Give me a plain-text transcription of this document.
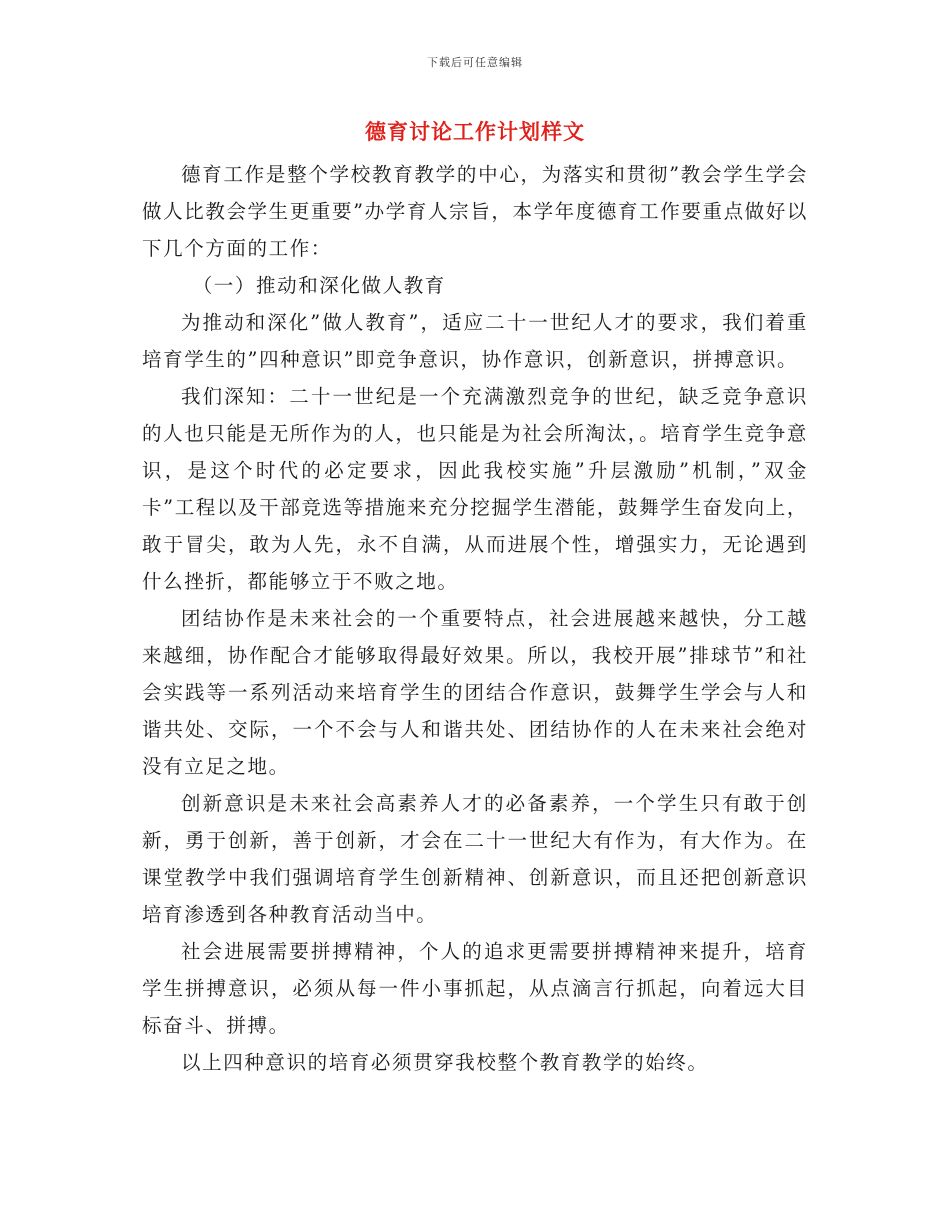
下载后可任意编辑
德育讨论工作计划样文

德育工作是整个学校教育教学的中心，为落实和贯彻”教会学生学会做人比教会学生更重要”办学育人宗旨，本学年度德育工作要重点做好以下几个方面的工作：

（一）推动和深化做人教育

为推动和深化”做人教育”，适应二十一世纪人才的要求，我们着重培育学生的”四种意识”即竞争意识，协作意识，创新意识，拼搏意识。

我们深知：二十一世纪是一个充满激烈竞争的世纪，缺乏竞争意识的人也只能是无所作为的人，也只能是为社会所淘汰，。培育学生竞争意识，是这个时代的必定要求，因此我校实施”升层激励”机制，”双金卡”工程以及干部竞选等措施来充分挖掘学生潜能，鼓舞学生奋发向上，敢于冒尖，敢为人先，永不自满，从而进展个性，增强实力，无论遇到什么挫折，都能够立于不败之地。

团结协作是未来社会的一个重要特点，社会进展越来越快，分工越来越细，协作配合才能够取得最好效果。所以，我校开展”排球节”和社会实践等一系列活动来培育学生的团结合作意识，鼓舞学生学会与人和谐共处、交际，一个不会与人和谐共处、团结协作的人在未来社会绝对没有立足之地。

创新意识是未来社会高素养人才的必备素养，一个学生只有敢于创新，勇于创新，善于创新，才会在二十一世纪大有作为，有大作为。在课堂教学中我们强调培育学生创新精神、创新意识，而且还把创新意识培育渗透到各种教育活动当中。

社会进展需要拼搏精神，个人的追求更需要拼搏精神来提升，培育学生拼搏意识，必须从每一件小事抓起，从点滴言行抓起，向着远大目标奋斗、拼搏。

以上四种意识的培育必须贯穿我校整个教育教学的始终。
